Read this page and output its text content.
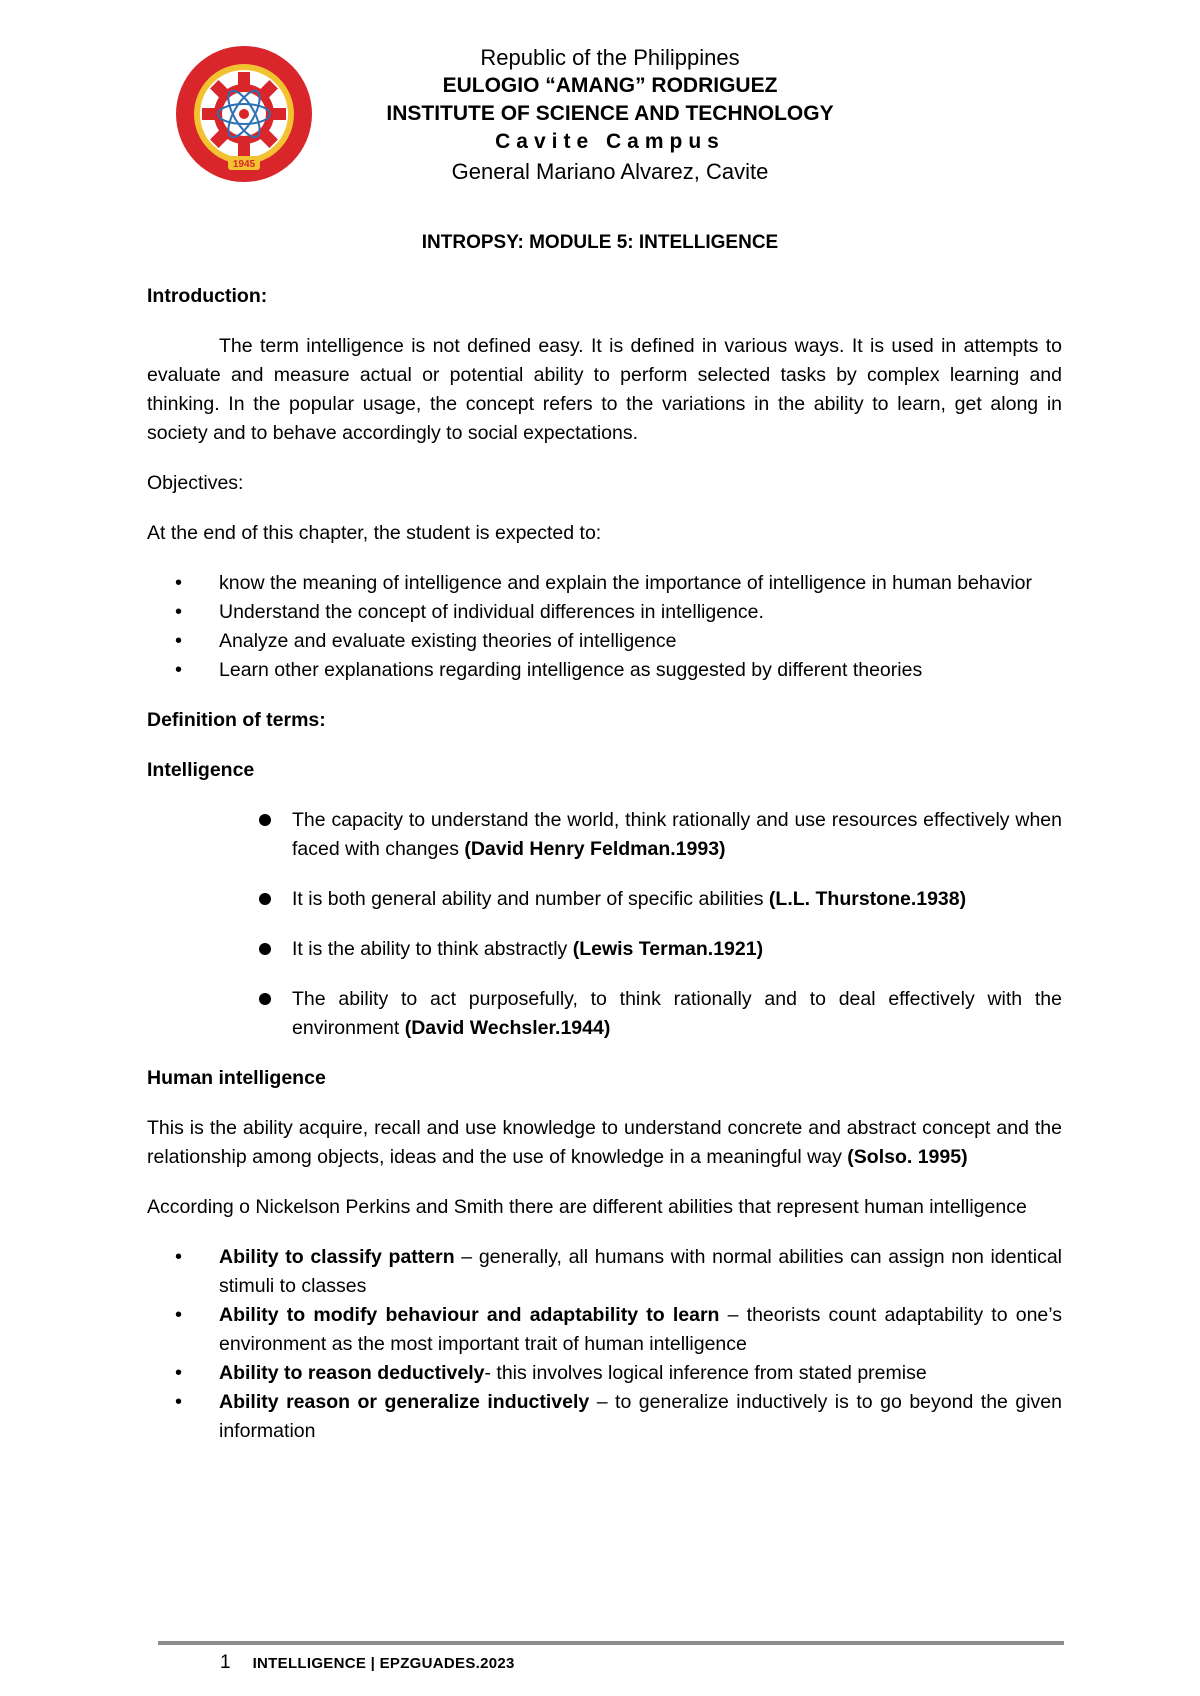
1945
Republic of the Philippines
EULOGIO “AMANG” RODRIGUEZ
INSTITUTE OF SCIENCE AND TECHNOLOGY
Cavite Campus
General Mariano Alvarez, Cavite
INTROPSY: MODULE 5: INTELLIGENCE

Introduction:

The term intelligence is not defined easy. It is defined in various ways. It is used in attempts to evaluate and measure actual or potential ability to perform selected tasks by complex learning and thinking. In the popular usage, the concept refers to the variations in the ability to learn, get along in society and to behave accordingly to social expectations.

Objectives:

At the end of this chapter, the student is expected to:

• know the meaning of intelligence and explain the importance of intelligence in human behavior
• Understand the concept of individual differences in intelligence.
• Analyze and evaluate existing theories of intelligence
• Learn other explanations regarding intelligence as suggested by different theories

Definition of terms:

Intelligence

The capacity to understand the world, think rationally and use resources effectively when faced with changes (David Henry Feldman.1993)
It is both general ability and number of specific abilities (L.L. Thurstone.1938)
It is the ability to think abstractly (Lewis Terman.1921)
The ability to act purposefully, to think rationally and to deal effectively with the environment (David Wechsler.1944)

Human intelligence

This is the ability acquire, recall and use knowledge to understand concrete and abstract concept and the relationship among objects, ideas and the use of knowledge in a meaningful way (Solso. 1995)

According o Nickelson Perkins and Smith there are different abilities that represent human intelligence

• Ability to classify pattern – generally, all humans with normal abilities can assign non identical stimuli to classes
• Ability to modify behaviour and adaptability to learn – theorists count adaptability to one’s environment as the most important trait of human intelligence
• Ability to reason deductively- this involves logical inference from stated premise
• Ability reason or generalize inductively – to generalize inductively is to go beyond the given information
1 INTELLIGENCE | EPZGUADES.2023
